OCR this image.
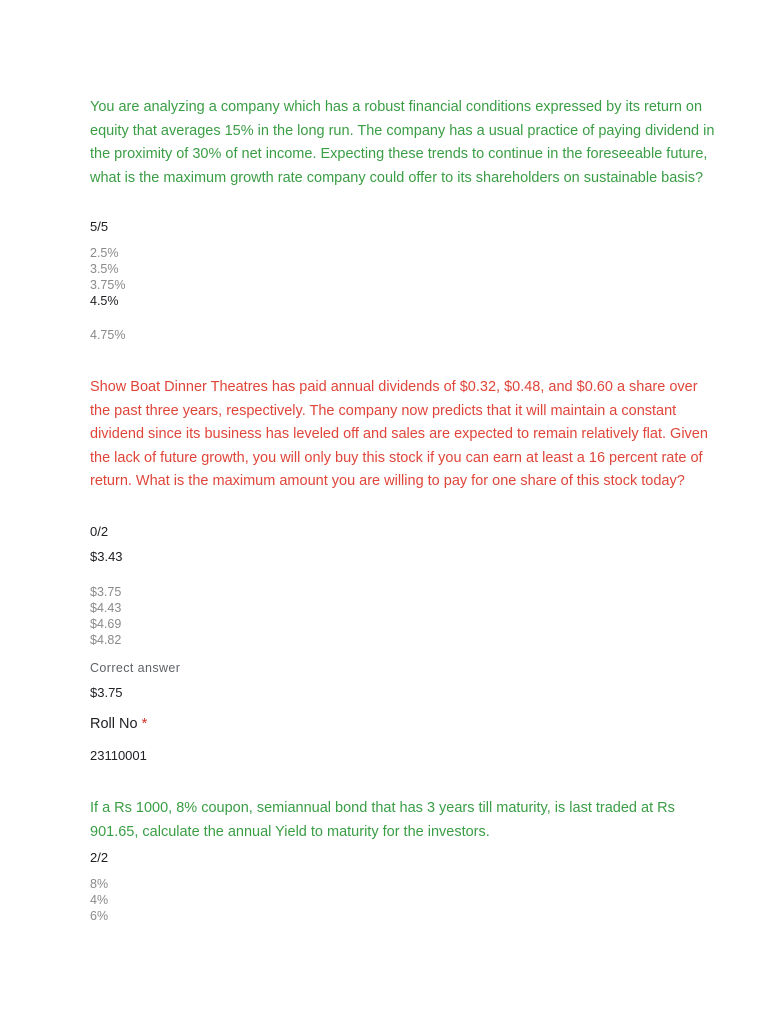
You are analyzing a company which has a robust financial conditions expressed by its return on equity that averages 15% in the long run. The company has a usual practice of paying dividend in the proximity of 30% of net income. Expecting these trends to continue in the foreseeable future, what is the maximum growth rate company could offer to its shareholders on sustainable basis?

5/5

2.5%
3.5%
3.75%
4.5%

4.75%

Show Boat Dinner Theatres has paid annual dividends of $0.32, $0.48, and $0.60 a share over the past three years, respectively. The company now predicts that it will maintain a constant dividend since its business has leveled off and sales are expected to remain relatively flat. Given the lack of future growth, you will only buy this stock if you can earn at least a 16 percent rate of return. What is the maximum amount you are willing to pay for one share of this stock today?

0/2

$3.43

$3.75
$4.43
$4.69
$4.82

Correct answer

$3.75

Roll No *

23110001

If a Rs 1000, 8% coupon, semiannual bond that has 3 years till maturity, is last traded at Rs 901.65, calculate the annual Yield to maturity for the investors.

2/2

8%
4%
6%
